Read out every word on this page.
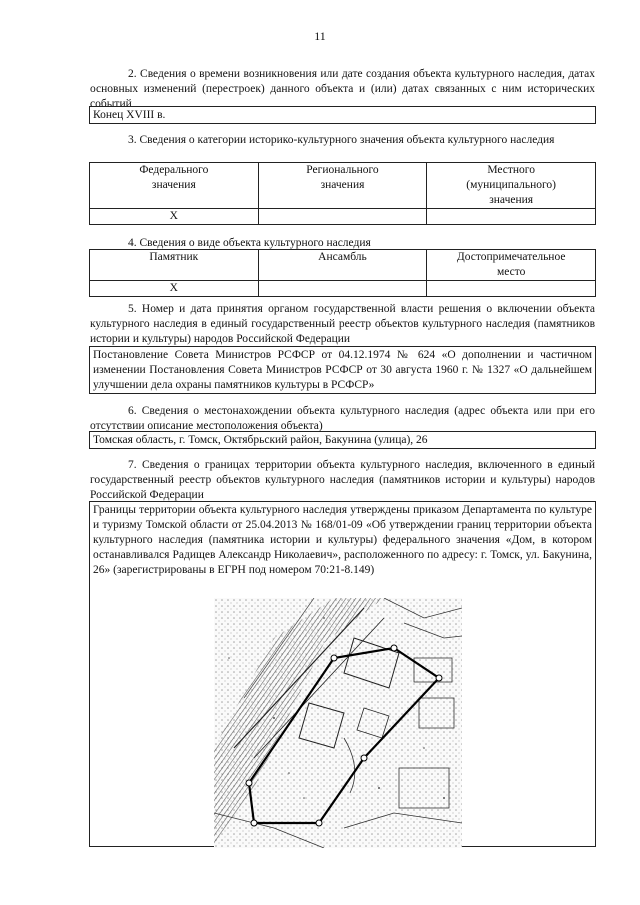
11
2. Сведения о времени возникновения или дате создания объекта культурного наследия, датах основных изменений (перестроек) данного объекта и (или) датах связанных с ним исторических событий
Конец XVIII в.
3. Сведения о категории историко-культурного значения объекта культурного наследия
Федерального значения	Регионального значения	Местного (муниципального) значения
X		
4. Сведения о виде объекта культурного наследия
Памятник	Ансамбль	Достопримечательное место
X		
5. Номер и дата принятия органом государственной власти решения о включении объекта культурного наследия в единый государственный реестр объектов культурного наследия (памятников истории и культуры) народов Российской Федерации
Постановление Совета Министров РСФСР от 04.12.1974 № 624 «О дополнении и частичном изменении Постановления Совета Министров РСФСР от 30 августа 1960 г. № 1327 «О дальнейшем улучшении дела охраны памятников культуры в РСФСР»
6. Сведения о местонахождении объекта культурного наследия (адрес объекта или при его отсутствии описание местоположения объекта)
Томская область, г. Томск, Октябрьский район, Бакунина (улица), 26
7. Сведения о границах территории объекта культурного наследия, включенного в единый государственный реестр объектов культурного наследия (памятников истории и культуры) народов Российской Федерации
Границы территории объекта культурного наследия утверждены приказом Департамента по культуре и туризму Томской области от 25.04.2013 № 168/01-09 «Об утверждении границ территории объекта культурного наследия (памятника истории и культуры) федерального значения «Дом, в котором останавливался Радищев Александр Николаевич», расположенного по адресу: г. Томск, ул. Бакунина, 26» (зарегистрированы в ЕГРН под номером 70:21-8.149)
